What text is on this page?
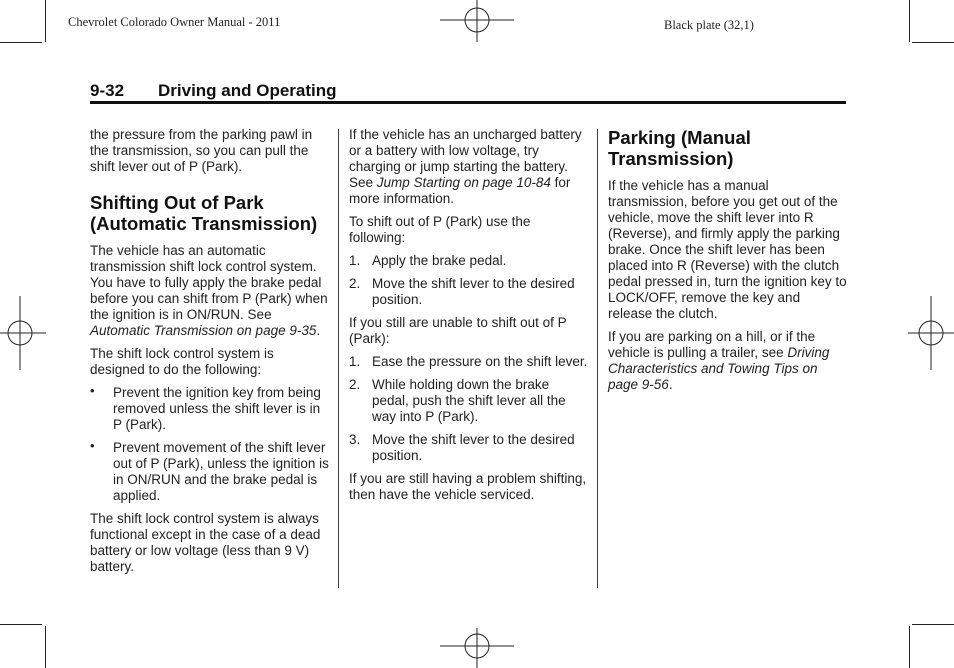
Chevrolet Colorado Owner Manual - 2011	Black plate (32,1)
9-32 Driving and Operating

the pressure from the parking pawl in the transmission, so you can pull the shift lever out of P (Park).

Shifting Out of Park (Automatic Transmission)

The vehicle has an automatic transmission shift lock control system. You have to fully apply the brake pedal before you can shift from P (Park) when the ignition is in ON/RUN. See Automatic Transmission on page 9-35.

The shift lock control system is designed to do the following:

• Prevent the ignition key from being removed unless the shift lever is in P (Park).
• Prevent movement of the shift lever out of P (Park), unless the ignition is in ON/RUN and the brake pedal is applied.

The shift lock control system is always functional except in the case of a dead battery or low voltage (less than 9 V) battery.

If the vehicle has an uncharged battery or a battery with low voltage, try charging or jump starting the battery. See Jump Starting on page 10-84 for more information.

To shift out of P (Park) use the following:

1. Apply the brake pedal.
2. Move the shift lever to the desired position.

If you still are unable to shift out of P (Park):

1. Ease the pressure on the shift lever.
2. While holding down the brake pedal, push the shift lever all the way into P (Park).
3. Move the shift lever to the desired position.

If you are still having a problem shifting, then have the vehicle serviced.

Parking (Manual Transmission)

If the vehicle has a manual transmission, before you get out of the vehicle, move the shift lever into R (Reverse), and firmly apply the parking brake. Once the shift lever has been placed into R (Reverse) with the clutch pedal pressed in, turn the ignition key to LOCK/OFF, remove the key and release the clutch.

If you are parking on a hill, or if the vehicle is pulling a trailer, see Driving Characteristics and Towing Tips on page 9-56.
